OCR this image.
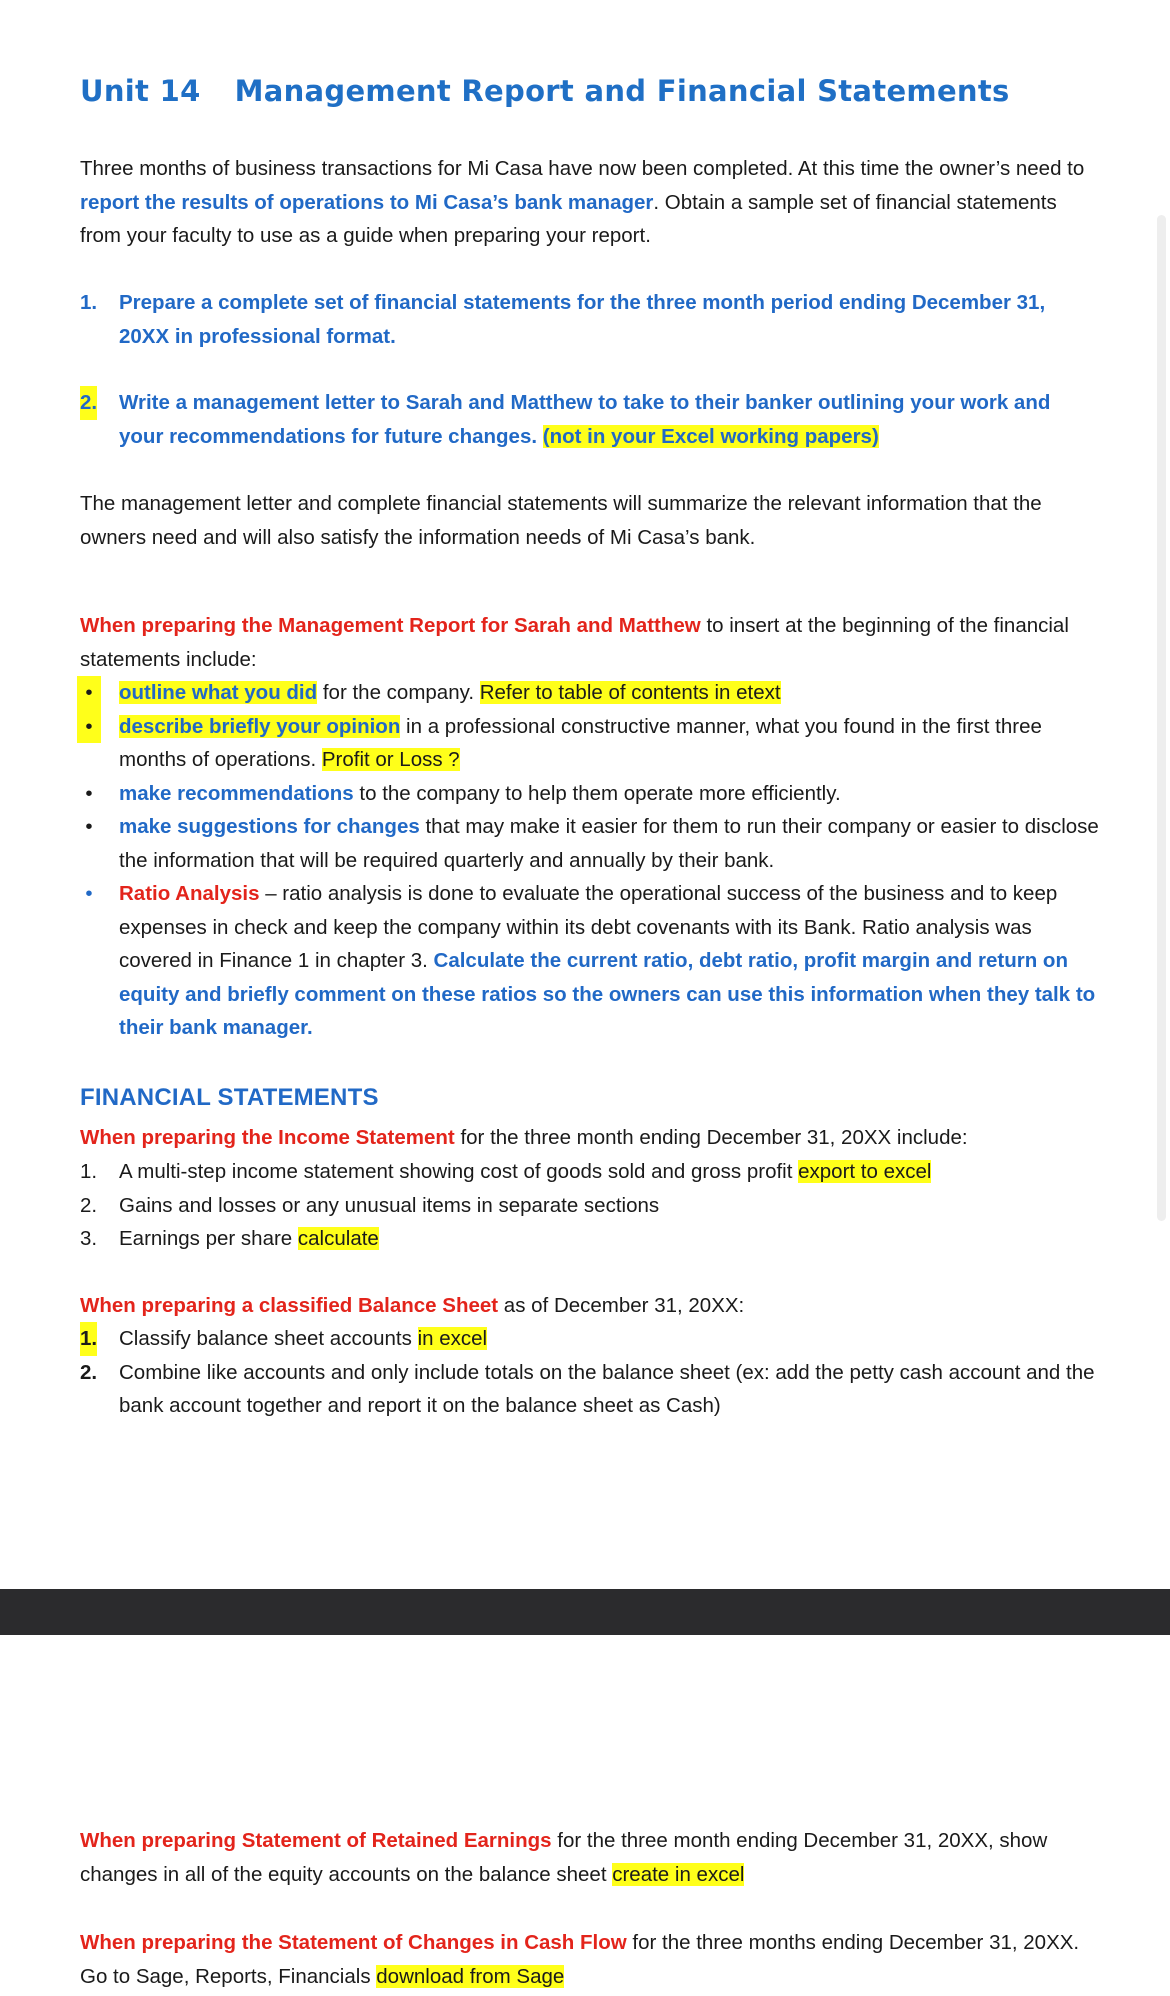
Unit 14 Management Report and Financial Statements

Three months of business transactions for Mi Casa have now been completed. At this time the owner’s need to report the results of operations to Mi Casa’s bank manager. Obtain a sample set of financial statements from your faculty to use as a guide when preparing your report.

1. Prepare a complete set of financial statements for the three month period ending December 31, 20XX in professional format.
2. Write a management letter to Sarah and Matthew to take to their banker outlining your work and your recommendations for future changes. (not in your Excel working papers)

The management letter and complete financial statements will summarize the relevant information that the owners need and will also satisfy the information needs of Mi Casa’s bank.

When preparing the Management Report for Sarah and Matthew to insert at the beginning of the financial statements include:

•	outline what you did for the company. Refer to table of contents in etext
•	describe briefly your opinion in a professional constructive manner, what you found in the first three months of operations. Profit or Loss ?
•	make recommendations to the company to help them operate more efficiently.
•	make suggestions for changes that may make it easier for them to run their company or easier to disclose the information that will be required quarterly and annually by their bank.
•	Ratio Analysis – ratio analysis is done to evaluate the operational success of the business and to keep expenses in check and keep the company within its debt covenants with its Bank. Ratio analysis was covered in Finance 1 in chapter 3. Calculate the current ratio, debt ratio, profit margin and return on equity and briefly comment on these ratios so the owners can use this information when they talk to their bank manager.
FINANCIAL STATEMENTS

When preparing the Income Statement for the three month ending December 31, 20XX include:

1. A multi-step income statement showing cost of goods sold and gross profit export to excel
2. Gains and losses or any unusual items in separate sections
3. Earnings per share calculate

When preparing a classified Balance Sheet as of December 31, 20XX:

1. Classify balance sheet accounts in excel
2. Combine like accounts and only include totals on the balance sheet (ex: add the petty cash account and the bank account together and report it on the balance sheet as Cash)

When preparing Statement of Retained Earnings for the three month ending December 31, 20XX, show changes in all of the equity accounts on the balance sheet create in excel

When preparing the Statement of Changes in Cash Flow for the three months ending December 31, 20XX. Go to Sage, Reports, Financials download from Sage
